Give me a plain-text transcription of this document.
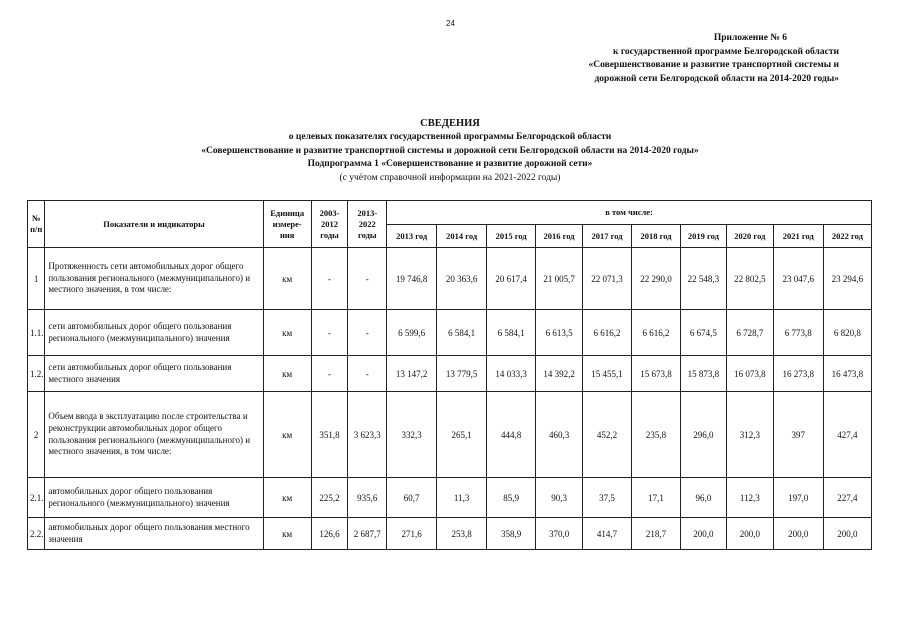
24
Приложение № 6
к государственной программе Белгородской области
«Совершенствование и развитие транспортной системы и
дорожной сети Белгородской области на 2014-2020 годы»
СВЕДЕНИЯ
о целевых показателях государственной программы Белгородской области
«Совершенствование и развитие транспортной системы и дорожной сети Белгородской области на 2014-2020 годы»
Подпрограмма 1 «Совершенствование и развитие дорожной сети»
(с учётом справочной информации на 2021-2022 годы)
№ п/п	Показатели и индикаторы	Единица измере-ния	2003-2012 годы	2013-2022 годы	в том числе:									
					2013 год	2014 год	2015 год	2016 год	2017 год	2018 год	2019 год	2020 год	2021 год	2022 год
1	Протяженность сети автомобильных дорог общего пользования регионального (межмуниципального) и местного значения, в том числе:	км	-	-	19 746,8	20 363,6	20 617,4	21 005,7	22 071,3	22 290,0	22 548,3	22 802,5	23 047,6	23 294,6
1.1.	сети автомобильных дорог общего пользования регионального (межмуниципального) значения	км	-	-	6 599,6	6 584,1	6 584,1	6 613,5	6 616,2	6 616,2	6 674,5	6 728,7	6 773,8	6 820,8
1.2.	сети автомобильных дорог общего пользования местного значения	км	-	-	13 147,2	13 779,5	14 033,3	14 392,2	15 455,1	15 673,8	15 873,8	16 073,8	16 273,8	16 473,8
2	Объем ввода в эксплуатацию после строительства и реконструкции автомобильных дорог общего пользования регионального (межмуниципального) и местного значения, в том числе:	км	351,8	3 623,3	332,3	265,1	444,8	460,3	452,2	235,8	296,0	312,3	397	427,4
2.1.	автомобильных дорог общего пользования регионального (межмуниципального) значения	км	225,2	935,6	60,7	11,3	85,9	90,3	37,5	17,1	96,0	112,3	197,0	227,4
2.2.	автомобильных дорог общего пользования местного значения	км	126,6	2 687,7	271,6	253,8	358,9	370,0	414,7	218,7	200,0	200,0	200,0	200,0
